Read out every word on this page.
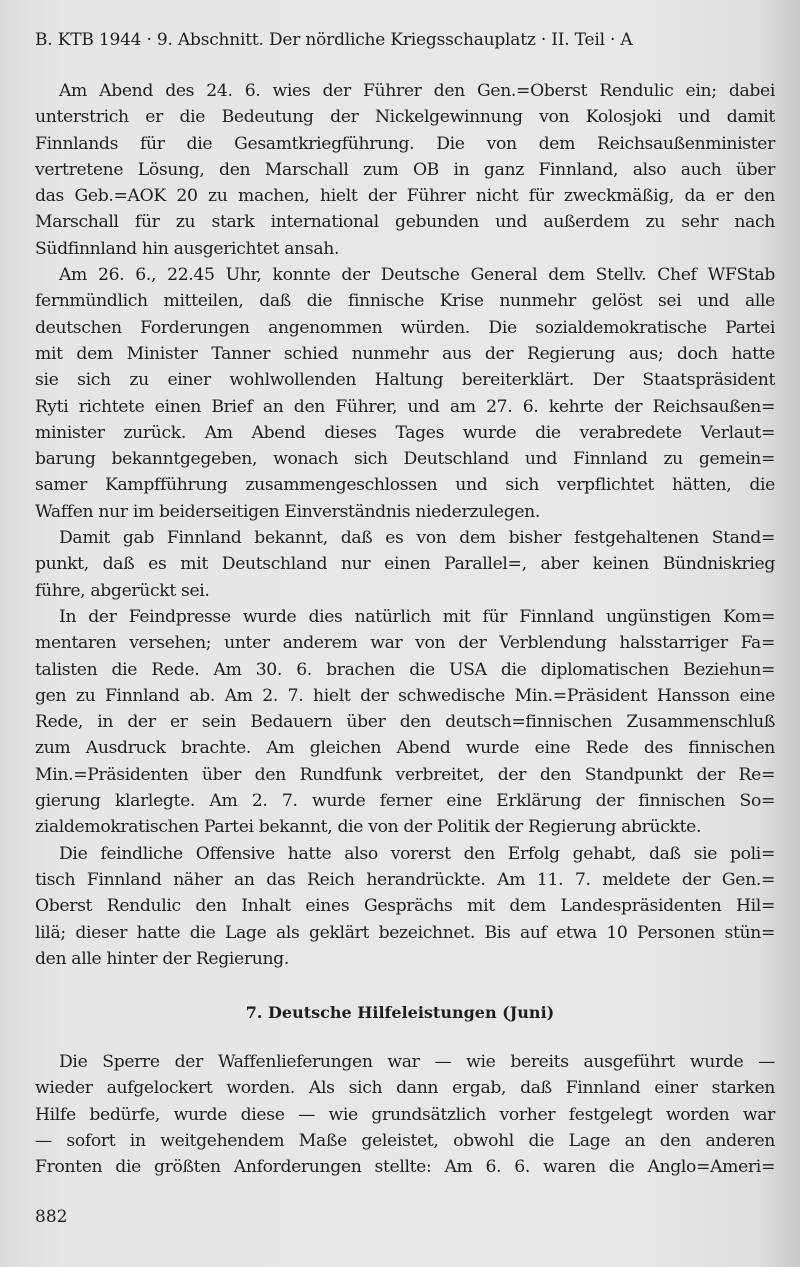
B. KTB 1944 · 9. Abschnitt. Der nördliche Kriegsschauplatz · II. Teil · A
Am Abend des 24. 6. wies der Führer den Gen.=Oberst Rendulic ein; dabei
unterstrich er die Bedeutung der Nickelgewinnung von Kolosjoki und damit
Finnlands für die Gesamtkriegführung. Die von dem Reichsaußenminister
vertretene Lösung, den Marschall zum OB in ganz Finnland, also auch über
das Geb.=AOK 20 zu machen, hielt der Führer nicht für zweckmäßig, da er den
Marschall für zu stark international gebunden und außerdem zu sehr nach
Südfinnland hin ausgerichtet ansah.
Am 26. 6., 22.45 Uhr, konnte der Deutsche General dem Stellv. Chef WFStab
fernmündlich mitteilen, daß die finnische Krise nunmehr gelöst sei und alle
deutschen Forderungen angenommen würden. Die sozialdemokratische Partei
mit dem Minister Tanner schied nunmehr aus der Regierung aus; doch hatte
sie sich zu einer wohlwollenden Haltung bereiterklärt. Der Staatspräsident
Ryti richtete einen Brief an den Führer, und am 27. 6. kehrte der Reichsaußen=
minister zurück. Am Abend dieses Tages wurde die verabredete Verlaut=
barung bekanntgegeben, wonach sich Deutschland und Finnland zu gemein=
samer Kampfführung zusammengeschlossen und sich verpflichtet hätten, die
Waffen nur im beiderseitigen Einverständnis niederzulegen.
Damit gab Finnland bekannt, daß es von dem bisher festgehaltenen Stand=
punkt, daß es mit Deutschland nur einen Parallel=, aber keinen Bündniskrieg
führe, abgerückt sei.
In der Feindpresse wurde dies natürlich mit für Finnland ungünstigen Kom=
mentaren versehen; unter anderem war von der Verblendung halsstarriger Fa=
talisten die Rede. Am 30. 6. brachen die USA die diplomatischen Beziehun=
gen zu Finnland ab. Am 2. 7. hielt der schwedische Min.=Präsident Hansson eine
Rede, in der er sein Bedauern über den deutsch=finnischen Zusammenschluß
zum Ausdruck brachte. Am gleichen Abend wurde eine Rede des finnischen
Min.=Präsidenten über den Rundfunk verbreitet, der den Standpunkt der Re=
gierung klarlegte. Am 2. 7. wurde ferner eine Erklärung der finnischen So=
zialdemokratischen Partei bekannt, die von der Politik der Regierung abrückte.
Die feindliche Offensive hatte also vorerst den Erfolg gehabt, daß sie poli=
tisch Finnland näher an das Reich herandrückte. Am 11. 7. meldete der Gen.=
Oberst Rendulic den Inhalt eines Gesprächs mit dem Landespräsidenten Hil=
lilä; dieser hatte die Lage als geklärt bezeichnet. Bis auf etwa 10 Personen stün=
den alle hinter der Regierung.
7. Deutsche Hilfeleistungen (Juni)
Die Sperre der Waffenlieferungen war — wie bereits ausgeführt wurde —
wieder aufgelockert worden. Als sich dann ergab, daß Finnland einer starken
Hilfe bedürfe, wurde diese — wie grundsätzlich vorher festgelegt worden war
— sofort in weitgehendem Maße geleistet, obwohl die Lage an den anderen
Fronten die größten Anforderungen stellte: Am 6. 6. waren die Anglo=Ameri=
882
